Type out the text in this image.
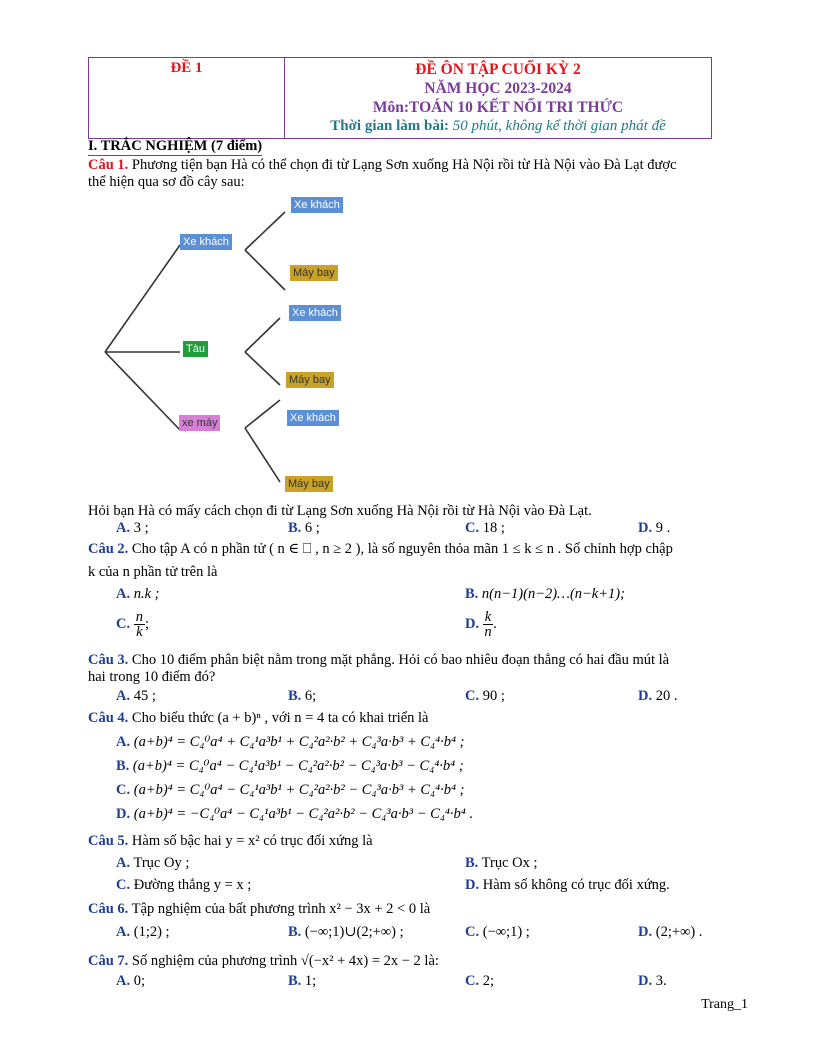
ĐỀ 1	ĐỀ ÔN TẬP CUỐI KỲ 2
NĂM HỌC 2023-2024
Môn:TOÁN 10 KẾT NỐI TRI THỨC
Thời gian làm bài: 50 phút, không kể thời gian phát đề
I. TRẮC NGHIỆM (7 điểm)
Câu 1. Phương tiện bạn Hà có thể chọn đi từ Lạng Sơn xuống Hà Nội rồi từ Hà Nội vào Đà Lạt được
thể hiện qua sơ đồ cây sau:
Xe khách
Tàu
xe máy
Xe khách
Máy bay
Xe khách
Máy bay
Xe khách
Máy bay
Hỏi bạn Hà có mấy cách chọn đi từ Lạng Sơn xuống Hà Nội rồi từ Hà Nội vào Đà Lạt.
A. 3 ;	B. 6 ;	C. 18 ;	D. 9 .
Câu 2. Cho tập A có n phần tử ( n ∈ ⎕ , n ≥ 2 ), là số nguyên thỏa mãn 1 ≤ k ≤ n . Số chỉnh hợp chập
k của n phần tử trên là
A. n.k ;	B. n(n−1)(n−2)…(n−k+1);
C. $\frac{n}{k}$ ;	D. $\frac{k}{n}$ .
Câu 3. Cho 10 điểm phân biệt nằm trong mặt phẳng. Hỏi có bao nhiêu đoạn thẳng có hai đầu mút là
hai trong 10 điểm đó?
A. 45 ;	B. 6;	C. 90 ;	D. 20 .
Câu 4. Cho biểu thức (a + b)ⁿ , với n = 4 ta có khai triển là
A. (a+b)⁴ = C₄⁰a⁴ + C₄¹a³b¹ + C₄²a²·b² + C₄³a·b³ + C₄⁴·b⁴ ;
B. (a+b)⁴ = C₄⁰a⁴ − C₄¹a³b¹ − C₄²a²·b² − C₄³a·b³ − C₄⁴·b⁴ ;
C. (a+b)⁴ = C₄⁰a⁴ − C₄¹a³b¹ + C₄²a²·b² − C₄³a·b³ + C₄⁴·b⁴ ;
D. (a+b)⁴ = −C₄⁰a⁴ − C₄¹a³b¹ − C₄²a²·b² − C₄³a·b³ − C₄⁴·b⁴ .
Câu 5. Hàm số bậc hai y = x² có trục đối xứng là
A. Trục Oy ;	B. Trục Ox ;
C. Đường thẳng y = x ;	D. Hàm số không có trục đối xứng.
Câu 6. Tập nghiệm của bất phương trình x² − 3x + 2 < 0 là
A. (1;2) ;	B. (−∞;1)∪(2;+∞) ;	C. (−∞;1) ;	D. (2;+∞) .
Câu 7. Số nghiệm của phương trình √(−x² + 4x) = 2x − 2 là:
A. 0;	B. 1;	C. 2;	D. 3.
Trang_1
